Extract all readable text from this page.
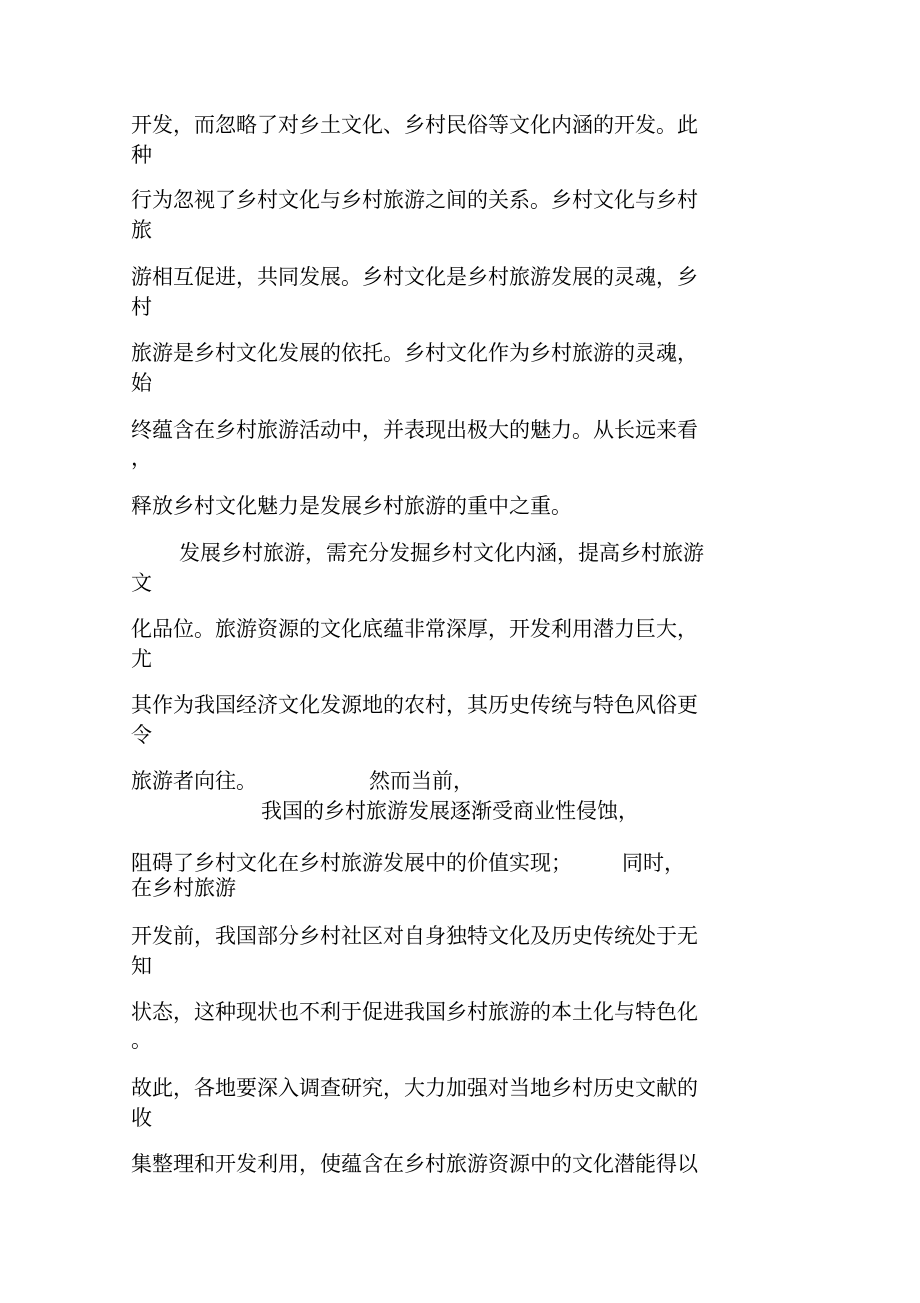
开发，而忽略了对乡土文化、乡村民俗等文化内涵的开发。此

种

行为忽视了乡村文化与乡村旅游之间的关系。乡村文化与乡村

旅

游相互促进，共同发展。乡村文化是乡村旅游发展的灵魂，乡

村

旅游是乡村文化发展的依托。乡村文化作为乡村旅游的灵魂，

始

终蕴含在乡村旅游活动中，并表现出极大的魅力。从长远来看

，

释放乡村文化魅力是发展乡村旅游的重中之重。

发展乡村旅游，需充分发掘乡村文化内涵，提高乡村旅游

文

化品位。旅游资源的文化底蕴非常深厚，开发利用潜力巨大，

尤

其作为我国经济文化发源地的农村，其历史传统与特色风俗更

令

旅游者向往。	然而当前，

我国的乡村旅游发展逐渐受商业性侵蚀，

阻碍了乡村文化在乡村旅游发展中的价值实现； 同时，

在乡村旅游

开发前，我国部分乡村社区对自身独特文化及历史传统处于无

知

状态，这种现状也不利于促进我国乡村旅游的本土化与特色化

。

故此，各地要深入调查研究，大力加强对当地乡村历史文献的

收

集整理和开发利用，使蕴含在乡村旅游资源中的文化潜能得以
